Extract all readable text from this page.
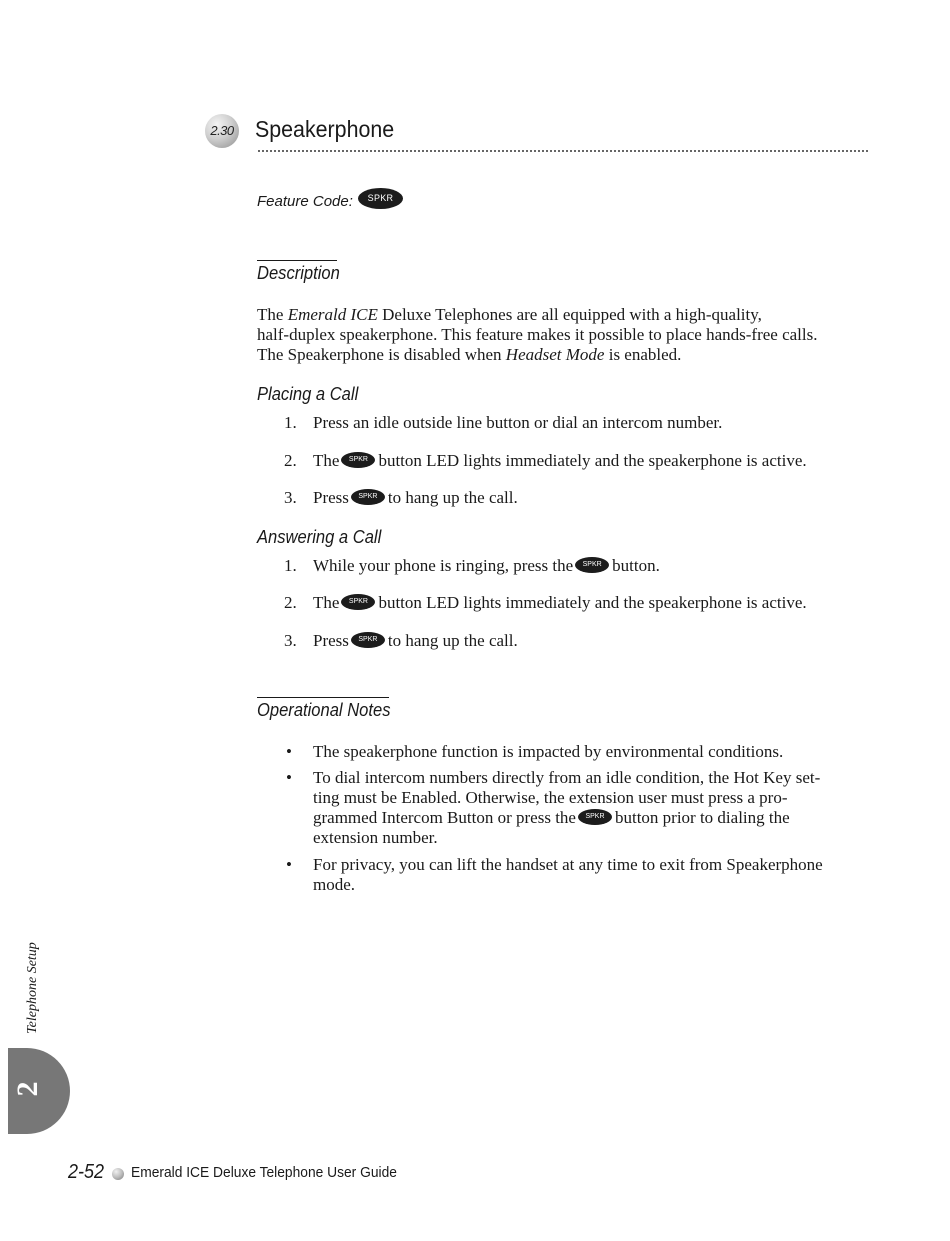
2.30 Speakerphone
Feature Code:	SPKR
Description
The Emerald ICE Deluxe Telephones are all equipped with a high-quality,
half-duplex speakerphone. This feature makes it possible to place hands-free calls.
The Speakerphone is disabled when Headset Mode is enabled.
Placing a Call
1. Press an idle outside line button or dial an intercom number.
2. The SPKR button LED lights immediately and the speakerphone is active.
3. Press SPKR to hang up the call.
Answering a Call
1. While your phone is ringing, press the SPKR button.
2. The SPKR button LED lights immediately and the speakerphone is active.
3. Press SPKR to hang up the call.
Operational Notes
• The speakerphone function is impacted by environmental conditions.
• To dial intercom numbers directly from an idle condition, the Hot Key set-
ting must be Enabled. Otherwise, the extension user must press a pro-
grammed Intercom Button or press the SPKR button prior to dialing the
extension number.
• For privacy, you can lift the handset at any time to exit from Speakerphone
mode.
Telephone Setup
2
2-52 Emerald ICE Deluxe Telephone User Guide
